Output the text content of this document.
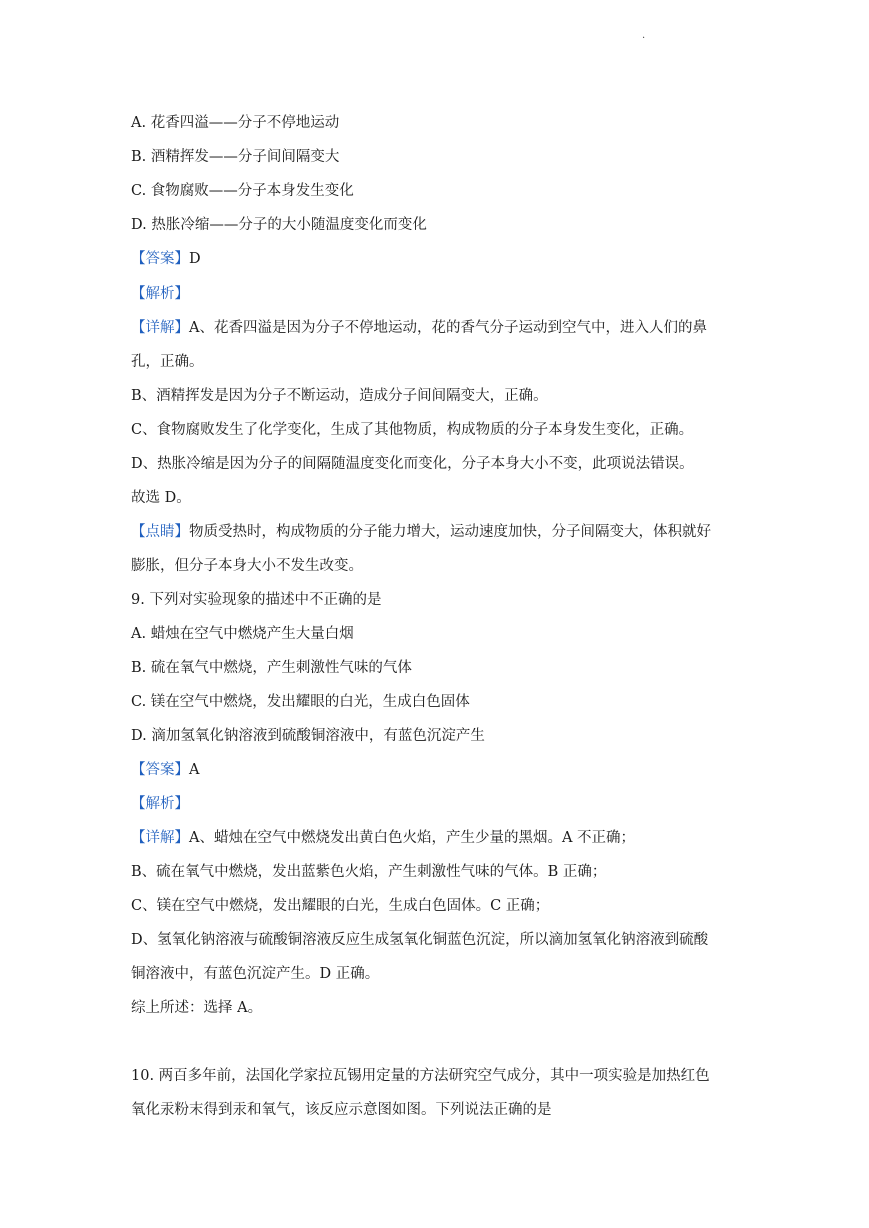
.
A. 花香四溢——分子不停地运动
B. 酒精挥发——分子间间隔变大
C. 食物腐败——分子本身发生变化
D. 热胀冷缩——分子的大小随温度变化而变化
【答案】D
【解析】
【详解】A、花香四溢是因为分子不停地运动，花的香气分子运动到空气中，进入人们的鼻
孔，正确。
B、酒精挥发是因为分子不断运动，造成分子间间隔变大，正确。
C、食物腐败发生了化学变化，生成了其他物质，构成物质的分子本身发生变化，正确。
D、热胀冷缩是因为分子的间隔随温度变化而变化，分子本身大小不变，此项说法错误。
故选 D。
【点睛】物质受热时，构成物质的分子能力增大，运动速度加快，分子间隔变大，体积就好
膨胀，但分子本身大小不发生改变。
9. 下列对实验现象的描述中不正确的是
A. 蜡烛在空气中燃烧产生大量白烟
B. 硫在氧气中燃烧，产生刺激性气味的气体
C. 镁在空气中燃烧，发出耀眼的白光，生成白色固体
D. 滴加氢氧化钠溶液到硫酸铜溶液中，有蓝色沉淀产生
【答案】A
【解析】
【详解】A、蜡烛在空气中燃烧发出黄白色火焰，产生少量的黑烟。A 不正确；
B、硫在氧气中燃烧，发出蓝紫色火焰，产生刺激性气味的气体。B 正确；
C、镁在空气中燃烧，发出耀眼的白光，生成白色固体。C 正确；
D、氢氧化钠溶液与硫酸铜溶液反应生成氢氧化铜蓝色沉淀，所以滴加氢氧化钠溶液到硫酸
铜溶液中，有蓝色沉淀产生。D 正确。
综上所述：选择 A。
10. 两百多年前，法国化学家拉瓦锡用定量的方法研究空气成分，其中一项实验是加热红色
氧化汞粉末得到汞和氧气，该反应示意图如图。下列说法正确的是
